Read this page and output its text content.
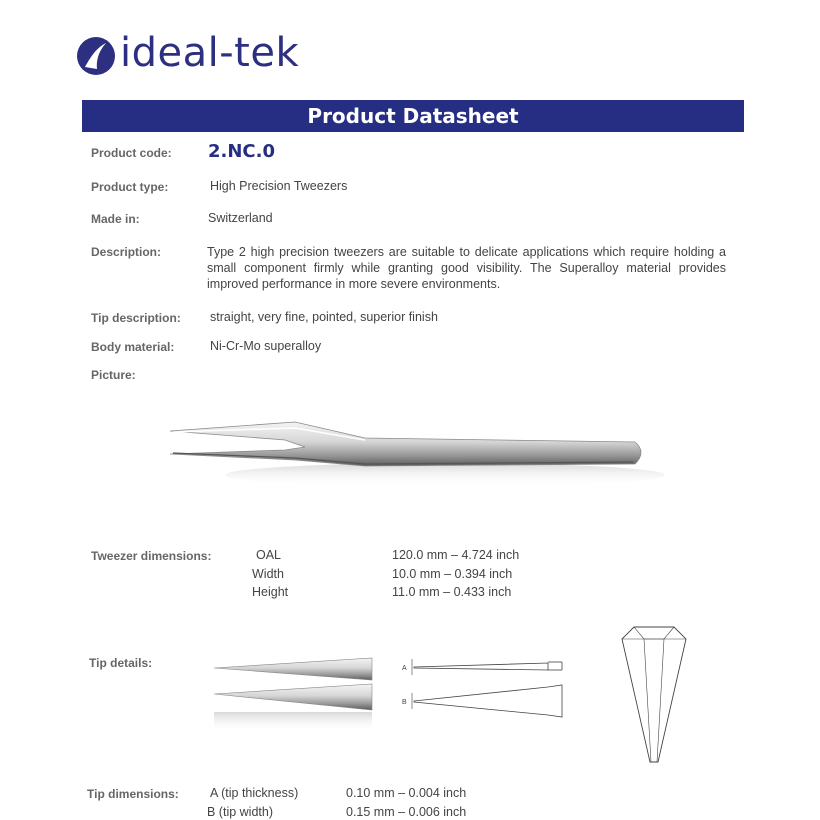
ideal-tek
Product Datasheet
Product code: 2.NC.0
Product type:	High Precision Tweezers
Made in:	Switzerland
Description:	Type 2 high precision tweezers are suitable to delicate applications which require holding a small component firmly while granting good visibility. The Superalloy material provides improved performance in more severe environments.
Tip description: straight, very fine, pointed, superior finish
Body material:	Ni-Cr-Mo superalloy
Picture:
Tweezer dimensions:	OAL	120.0 mm – 4.724 inch
Width	10.0 mm – 0.394 inch
Height	11.0 mm – 0.433 inch
Tip details:	A
B
Tip dimensions: A (tip thickness)	0.10 mm – 0.004 inch
B (tip width)	0.15 mm – 0.006 inch
